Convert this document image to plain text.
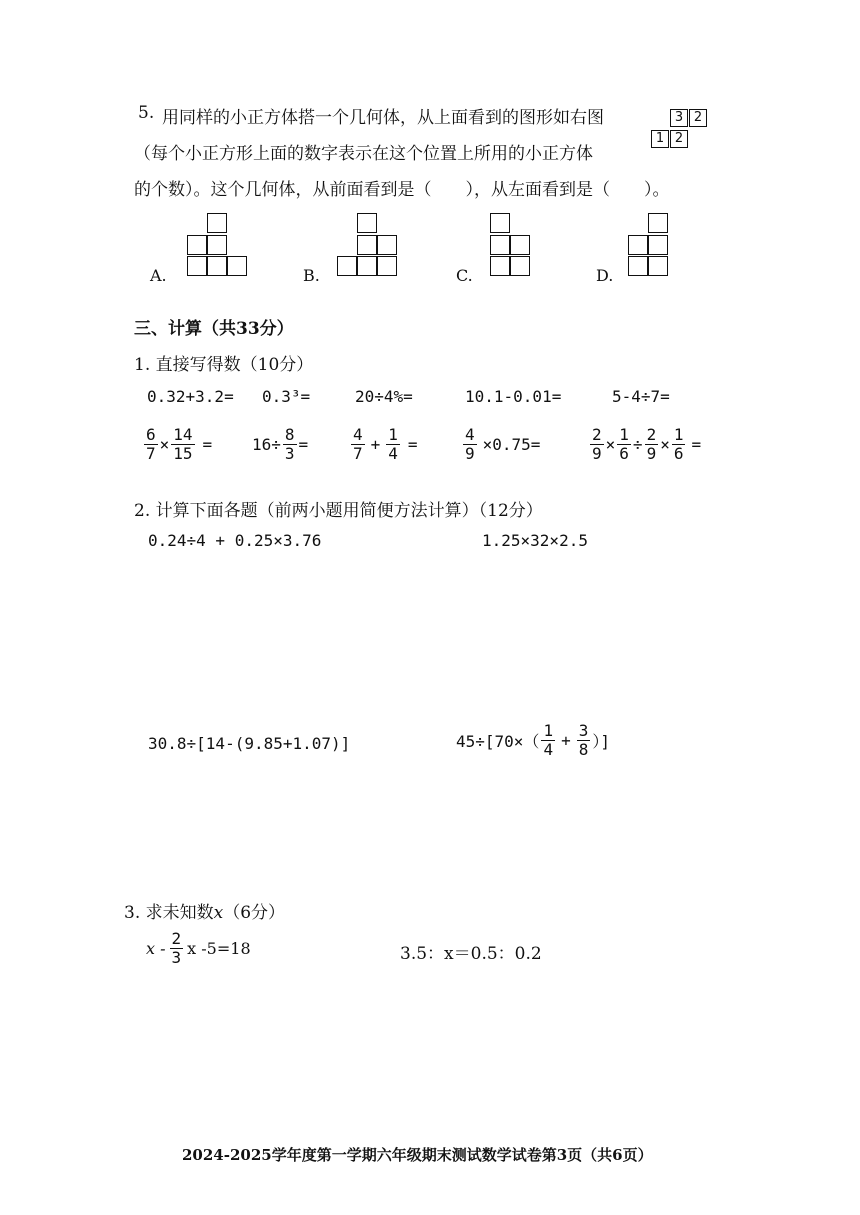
5. 用同样的小正方体搭一个几何体，从上面看到的图形如右图
（每个小正方形上面的数字表示在这个位置上所用的小正方体
的个数）。这个几何体，从前面看到是（　　），从左面看到是（　　）。
3 2
1 2
A.	B.	C.	D.
三、计算（共33分）
1. 直接写得数（10分）
0.32+3.2= 0.3³=	20÷4%=	10.1-0.01=	5-4÷7=
$\frac{6}{7} \times \frac{14}{15} = 16\div \frac{8}{3}$ =	$\frac{4}{7} + \frac{1}{4}$ =	$\frac{4}{9} \times 0.75=$	$\frac{2}{9} \times \frac{1}{6} \div \frac{2}{9} \times \frac{1}{6}$ =
2. 计算下面各题（前两小题用简便方法计算）（12分）
0.24÷4 + 0.25×3.76	1.25×32×2.5
30.8÷[14-(9.85+1.07)]	$45\div[70\times( \frac{1}{4} + \frac{3}{8}$ ）]
3. 求未知数x（6分）
x - $\frac{2}{3}$ x -5=18	3.5：x＝0.5：0.2
2024-2025学年度第一学期六年级期末测试数学试卷第3页（共6页）
